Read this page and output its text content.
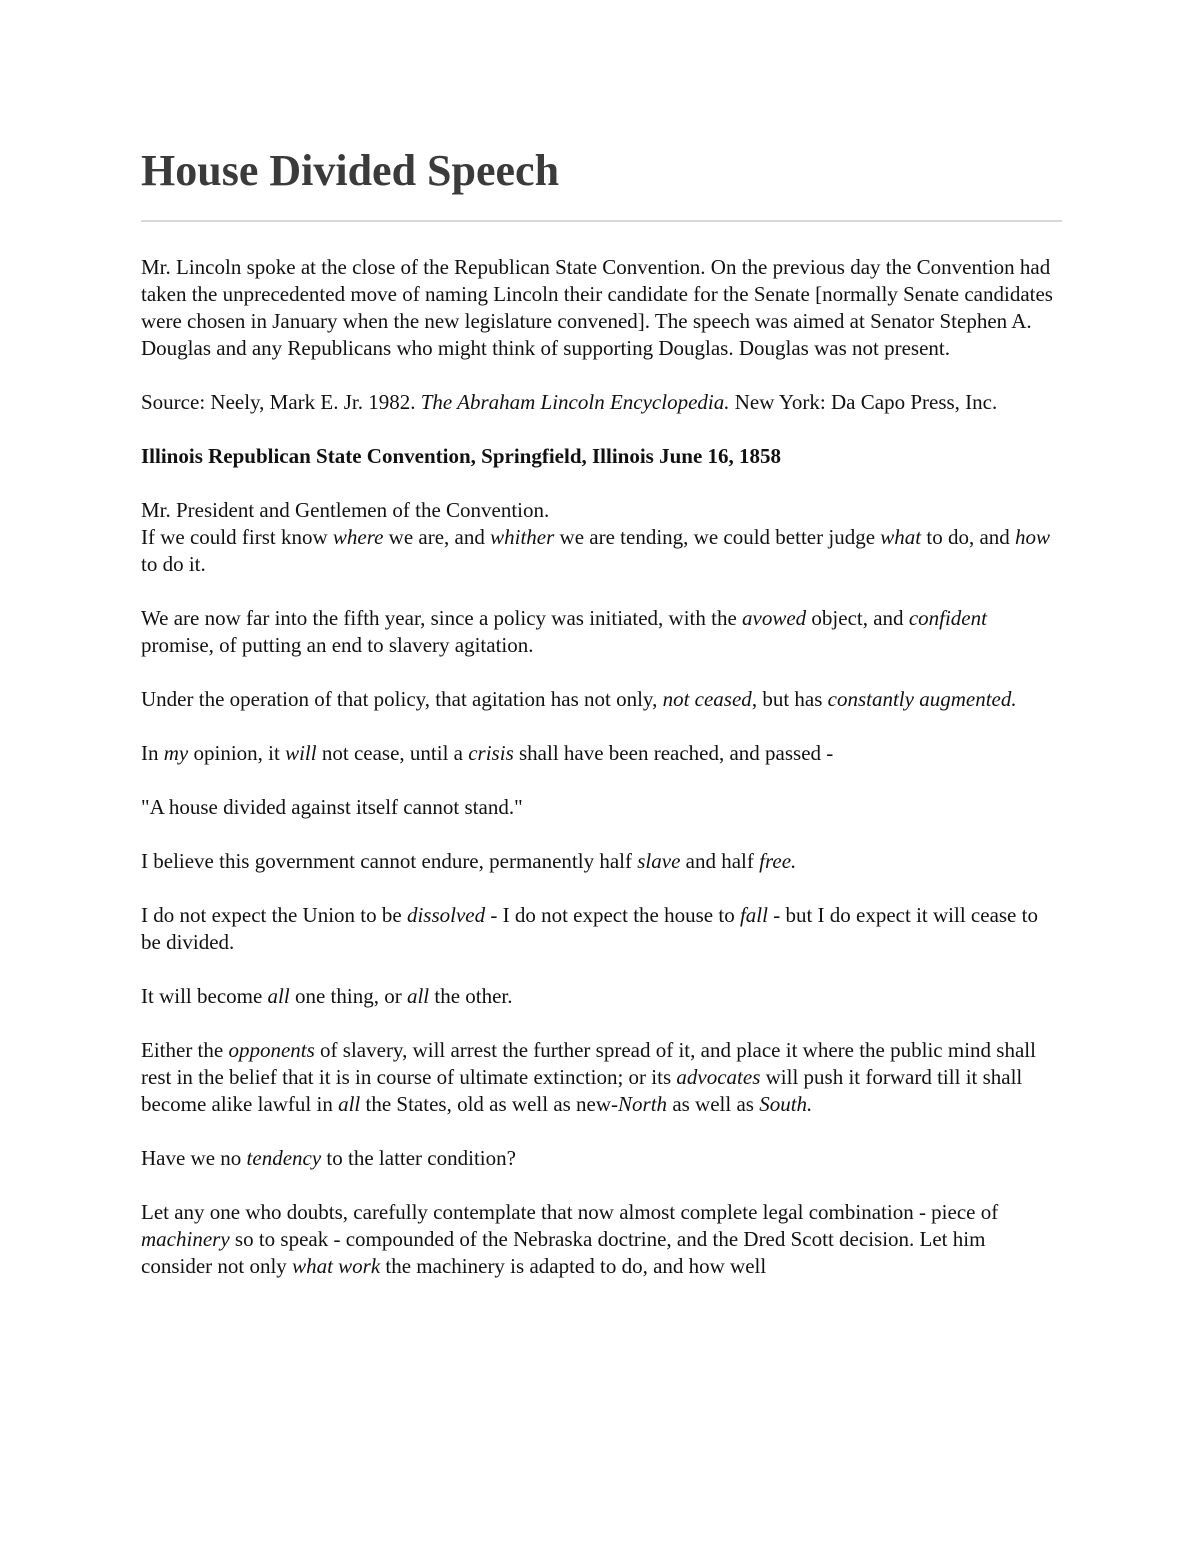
House Divided Speech

Mr. Lincoln spoke at the close of the Republican State Convention. On the previous day the Convention had taken the unprecedented move of naming Lincoln their candidate for the Senate [normally Senate candidates were chosen in January when the new legislature convened]. The speech was aimed at Senator Stephen A. Douglas and any Republicans who might think of supporting Douglas. Douglas was not present.

Source: Neely, Mark E. Jr. 1982. The Abraham Lincoln Encyclopedia. New York: Da Capo Press, Inc.

Illinois Republican State Convention, Springfield, Illinois June 16, 1858

Mr. President and Gentlemen of the Convention.

If we could first know where we are, and whither we are tending, we could better judge what to do, and how to do it.

We are now far into the fifth year, since a policy was initiated, with the avowed object, and confident promise, of putting an end to slavery agitation.

Under the operation of that policy, that agitation has not only, not ceased, but has constantly augmented.

In my opinion, it will not cease, until a crisis shall have been reached, and passed -

"A house divided against itself cannot stand."

I believe this government cannot endure, permanently half slave and half free.

I do not expect the Union to be dissolved - I do not expect the house to fall - but I do expect it will cease to be divided.

It will become all one thing, or all the other.

Either the opponents of slavery, will arrest the further spread of it, and place it where the public mind shall rest in the belief that it is in course of ultimate extinction; or its advocates will push it forward till it shall become alike lawful in all the States, old as well as new-North as well as South.

Have we no tendency to the latter condition?

Let any one who doubts, carefully contemplate that now almost complete legal combination - piece of machinery so to speak - compounded of the Nebraska doctrine, and the Dred Scott decision. Let him consider not only what work the machinery is adapted to do, and how well
